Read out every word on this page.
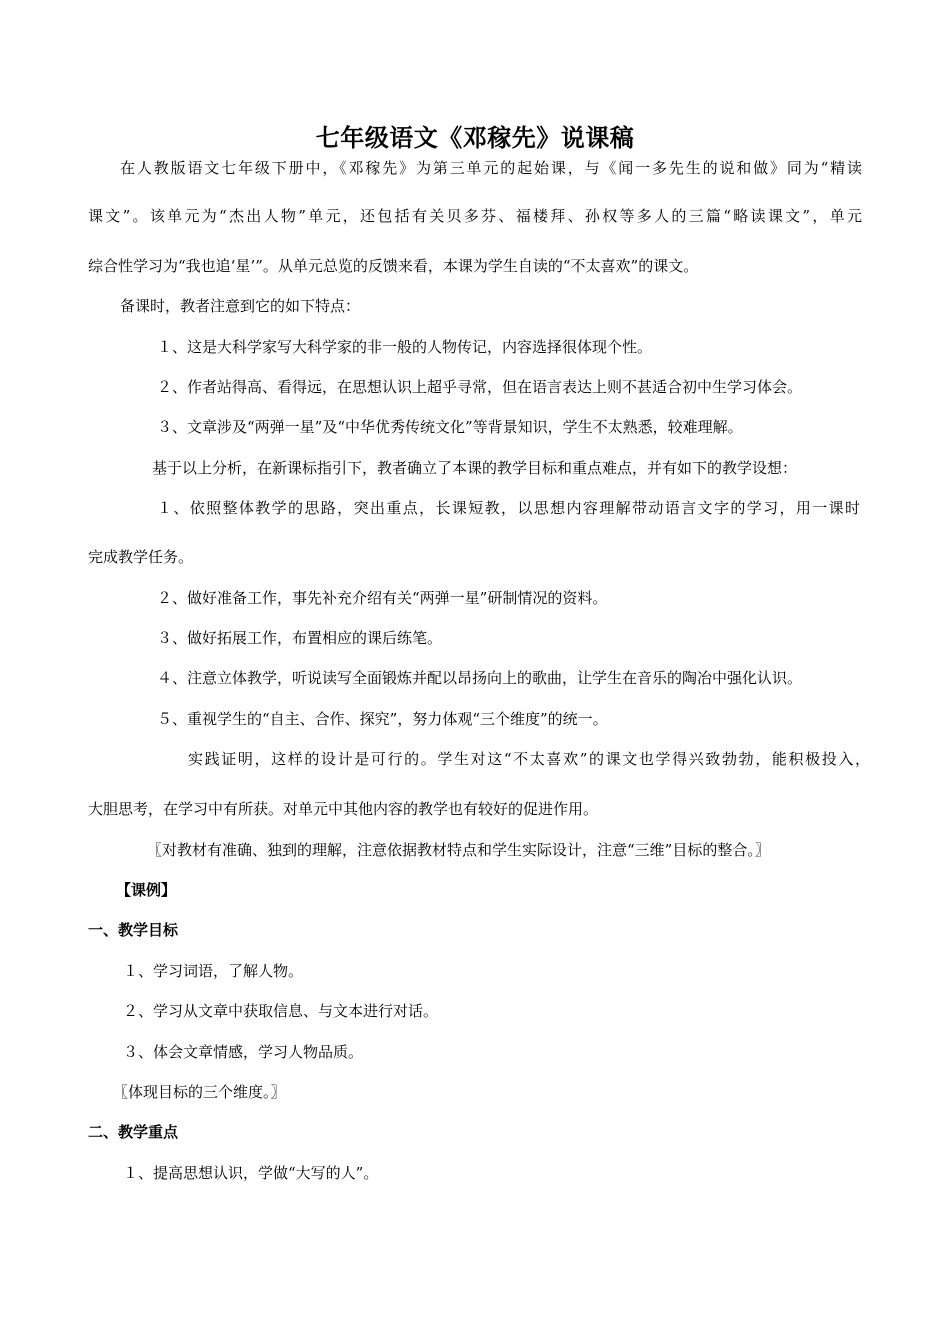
七年级语文《邓稼先》说课稿
在人教版语文七年级下册中，《邓稼先》为第三单元的起始课，与《闻一多先生的说和做》同为“精读
课文”。该单元为“杰出人物”单元，还包括有关贝多芬、福楼拜、孙权等多人的三篇“略读课文”，单元
综合性学习为“我也追‘星’”。从单元总览的反馈来看，本课为学生自读的“不太喜欢”的课文。
备课时，教者注意到它的如下特点：
１、这是大科学家写大科学家的非一般的人物传记，内容选择很体现个性。
２、作者站得高、看得远，在思想认识上超乎寻常，但在语言表达上则不甚适合初中生学习体会。
３、文章涉及“两弹一星”及“中华优秀传统文化”等背景知识，学生不太熟悉，较难理解。
基于以上分析，在新课标指引下，教者确立了本课的教学目标和重点难点，并有如下的教学设想：
１、依照整体教学的思路，突出重点，长课短教，以思想内容理解带动语言文字的学习，用一课时
完成教学任务。
２、做好准备工作，事先补充介绍有关“两弹一星”研制情况的资料。
３、做好拓展工作，布置相应的课后练笔。
４、注意立体教学，听说读写全面锻炼并配以昂扬向上的歌曲，让学生在音乐的陶冶中强化认识。
５、重视学生的“自主、合作、探究”，努力体观“三个维度”的统一。
实践证明，这样的设计是可行的。学生对这“不太喜欢”的课文也学得兴致勃勃，能积极投入，
大胆思考，在学习中有所获。对单元中其他内容的教学也有较好的促进作用。
〖对教材有准确、独到的理解，注意依据教材特点和学生实际设计，注意“三维”目标的整合。〗
【课例】
一、教学目标
１、学习词语，了解人物。
２、学习从文章中获取信息、与文本进行对话。
３、体会文章情感，学习人物品质。
〖体现目标的三个维度。〗
二、教学重点
１、提高思想认识，学做“大写的人”。
